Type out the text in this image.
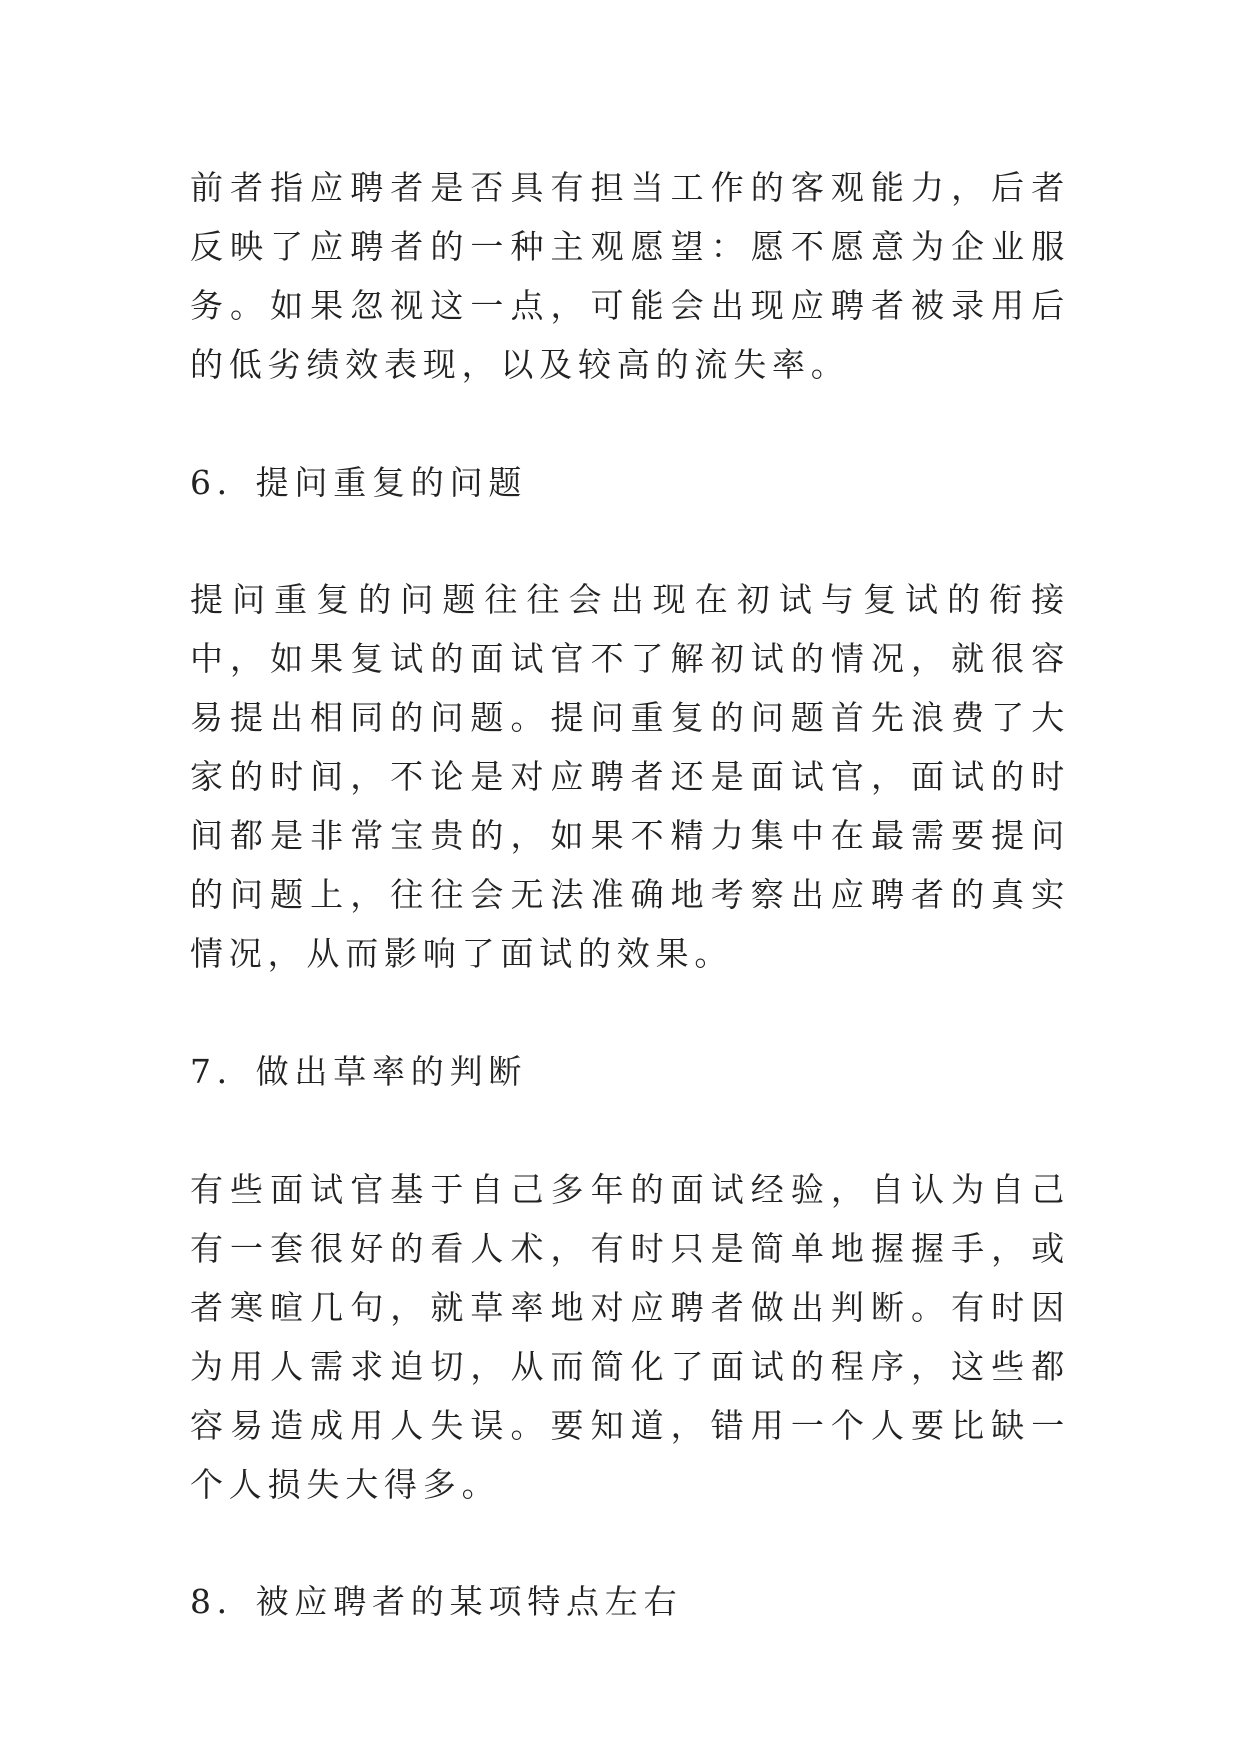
前者指应聘者是否具有担当工作的客观能力，后者反映了应聘者的一种主观愿望：愿不愿意为企业服务。如果忽视这一点，可能会出现应聘者被录用后的低劣绩效表现，以及较高的流失率。

6．提问重复的问题

提问重复的问题往往会出现在初试与复试的衔接中，如果复试的面试官不了解初试的情况，就很容易提出相同的问题。提问重复的问题首先浪费了大家的时间，不论是对应聘者还是面试官，面试的时间都是非常宝贵的，如果不精力集中在最需要提问的问题上，往往会无法准确地考察出应聘者的真实情况，从而影响了面试的效果。

7．做出草率的判断

有些面试官基于自己多年的面试经验，自认为自己有一套很好的看人术，有时只是简单地握握手，或者寒暄几句，就草率地对应聘者做出判断。有时因为用人需求迫切，从而简化了面试的程序，这些都容易造成用人失误。要知道，错用一个人要比缺一个人损失大得多。

8．被应聘者的某项特点左右
